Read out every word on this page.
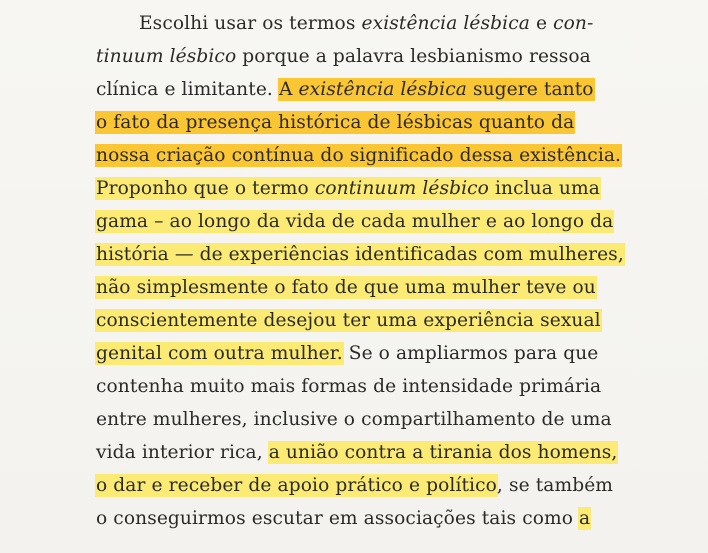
Escolhi usar os termos existência lésbica e con-
tinuum lésbico porque a palavra lesbianismo ressoa
clínica e limitante. A existência lésbica sugere tanto
o fato da presença histórica de lésbicas quanto da
nossa criação contínua do significado dessa existência.
Proponho que o termo continuum lésbico inclua uma
gama – ao longo da vida de cada mulher e ao longo da
história — de experiências identificadas com mulheres,
não simplesmente o fato de que uma mulher teve ou
conscientemente desejou ter uma experiência sexual
genital com outra mulher. Se o ampliarmos para que
contenha muito mais formas de intensidade primária
entre mulheres, inclusive o compartilhamento de uma
vida interior rica, a união contra a tirania dos homens,
o dar e receber de apoio prático e político, se também
o conseguirmos escutar em associações tais como a
